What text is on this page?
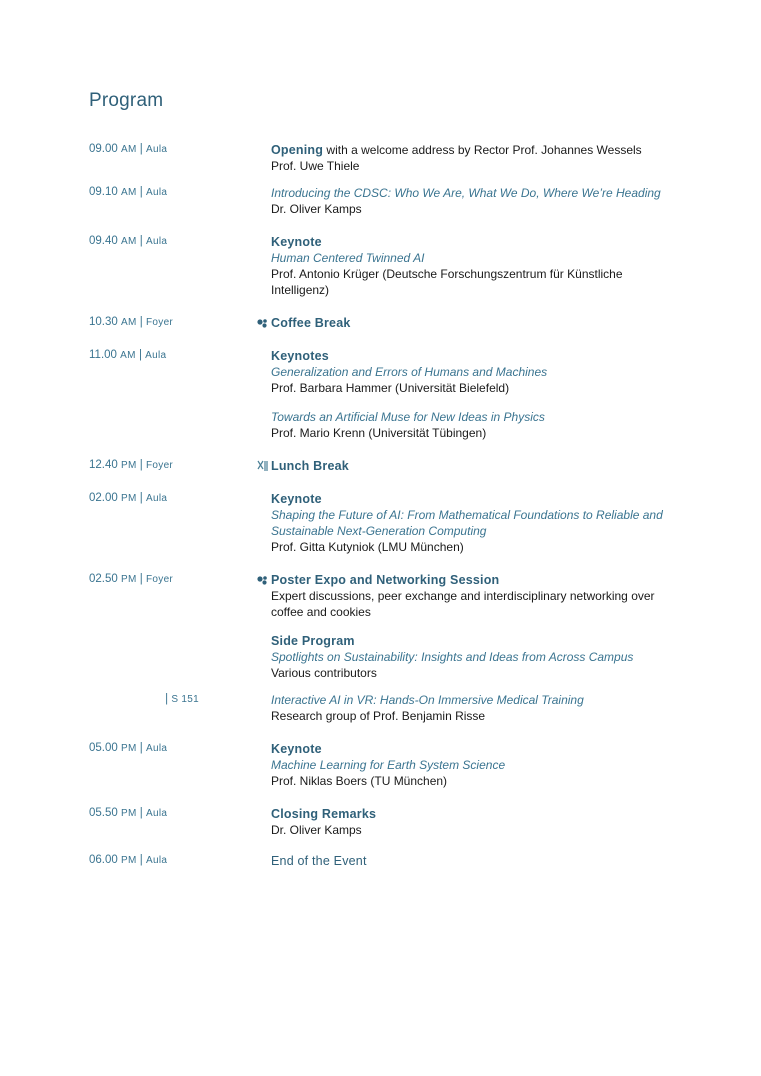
Program
09.00 AM | Aula	Opening with a welcome address by Rector Prof. Johannes Wessels
Prof. Uwe Thiele
09.10 AM | Aula	Introducing the CDSC: Who We Are, What We Do, Where We’re Heading
Dr. Oliver Kamps
09.40 AM | Aula	Keynote
Human Centered Twinned AI
Prof. Antonio Krüger (Deutsche Forschungszentrum für Künstliche Intelligenz)
10.30 AM | Foyer	Coffee Break
11.00 AM | Aula	Keynotes
Generalization and Errors of Humans and Machines
Prof. Barbara Hammer (Universität Bielefeld)
Towards an Artificial Muse for New Ideas in Physics
Prof. Mario Krenn (Universität Tübingen)
12.40 PM | Foyer	Lunch Break
02.00 PM | Aula	Keynote
Shaping the Future of AI: From Mathematical Foundations to Reliable and Sustainable Next-Generation Computing
Prof. Gitta Kutyniok (LMU München)
02.50 PM | Foyer	Poster Expo and Networking Session
Expert discussions, peer exchange and interdisciplinary networking over coffee and cookies
Side Program
Spotlights on Sustainability: Insights and Ideas from Across Campus
Various contributors
| S 151	Interactive AI in VR: Hands-On Immersive Medical Training
Research group of Prof. Benjamin Risse
05.00 PM | Aula	Keynote
Machine Learning for Earth System Science
Prof. Niklas Boers (TU München)
05.50 PM | Aula	Closing Remarks
Dr. Oliver Kamps
06.00 PM | Aula	End of the Event
